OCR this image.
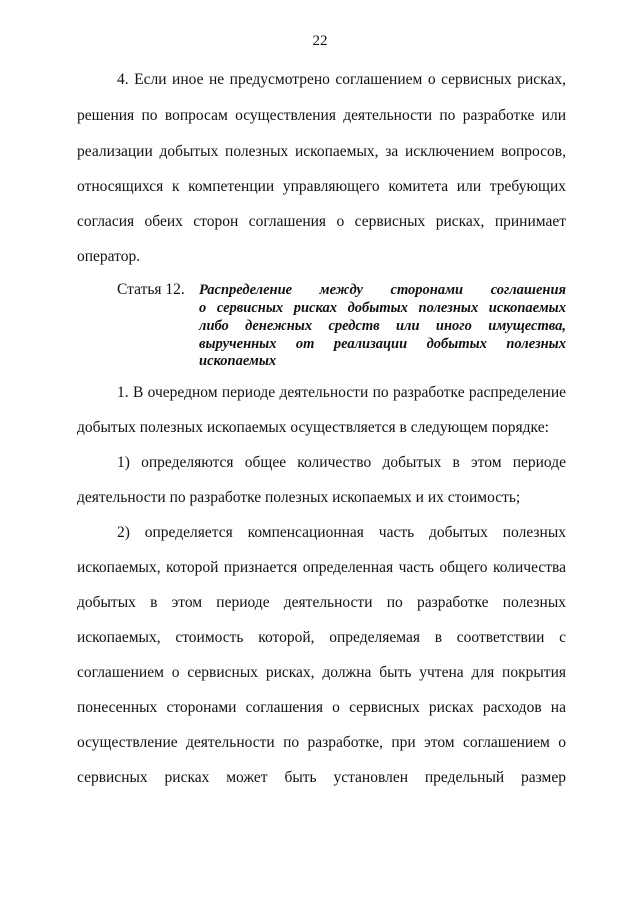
22
4. Если иное не предусмотрено соглашением о сервисных рисках,
решения по вопросам осуществления деятельности по разработке или
реализации добытых полезных ископаемых, за исключением вопросов,
относящихся к компетенции управляющего комитета или требующих
согласия обеих сторон соглашения о сервисных рисках, принимает
оператор.
Статья 12. Распределение между сторонами соглашения
о сервисных рисках добытых полезных ископаемых
либо денежных средств или иного имущества,
вырученных от реализации добытых полезных
ископаемых
1. В очередном периоде деятельности по разработке распределение
добытых полезных ископаемых осуществляется в следующем порядке:
1) определяются общее количество добытых в этом периоде
деятельности по разработке полезных ископаемых и их стоимость;
2) определяется компенсационная часть добытых полезных
ископаемых, которой признается определенная часть общего количества
добытых в этом периоде деятельности по разработке полезных
ископаемых, стоимость которой, определяемая в соответствии с
соглашением о сервисных рисках, должна быть учтена для покрытия
понесенных сторонами соглашения о сервисных рисках расходов на
осуществление деятельности по разработке, при этом соглашением о
сервисных рисках может быть установлен предельный размер
